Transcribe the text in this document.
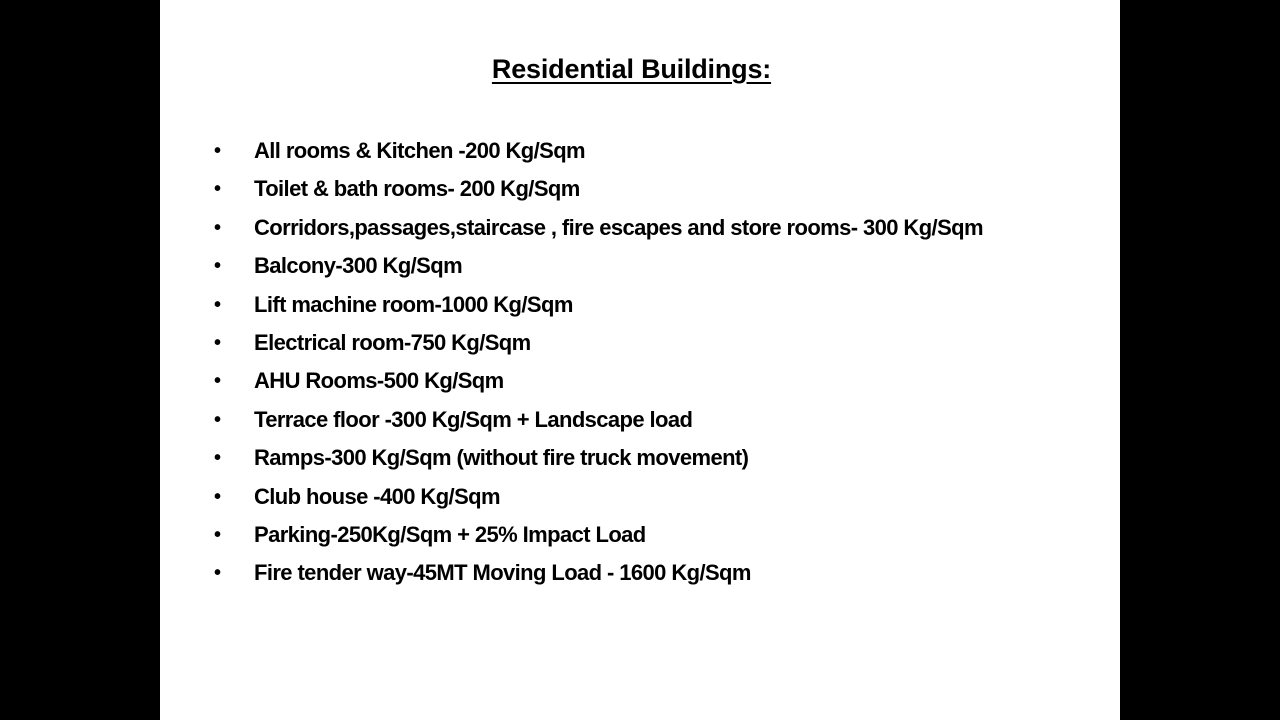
Residential Buildings:
• All rooms & Kitchen -200 Kg/Sqm
• Toilet & bath rooms- 200 Kg/Sqm
• Corridors,passages,staircase , fire escapes and store rooms- 300 Kg/Sqm
• Balcony-300 Kg/Sqm
• Lift machine room-1000 Kg/Sqm
• Electrical room-750 Kg/Sqm
• AHU Rooms-500 Kg/Sqm
• Terrace floor -300 Kg/Sqm + Landscape load
• Ramps-300 Kg/Sqm (without fire truck movement)
• Club house -400 Kg/Sqm
• Parking-250Kg/Sqm + 25% Impact Load
• Fire tender way-45MT Moving Load - 1600 Kg/Sqm
